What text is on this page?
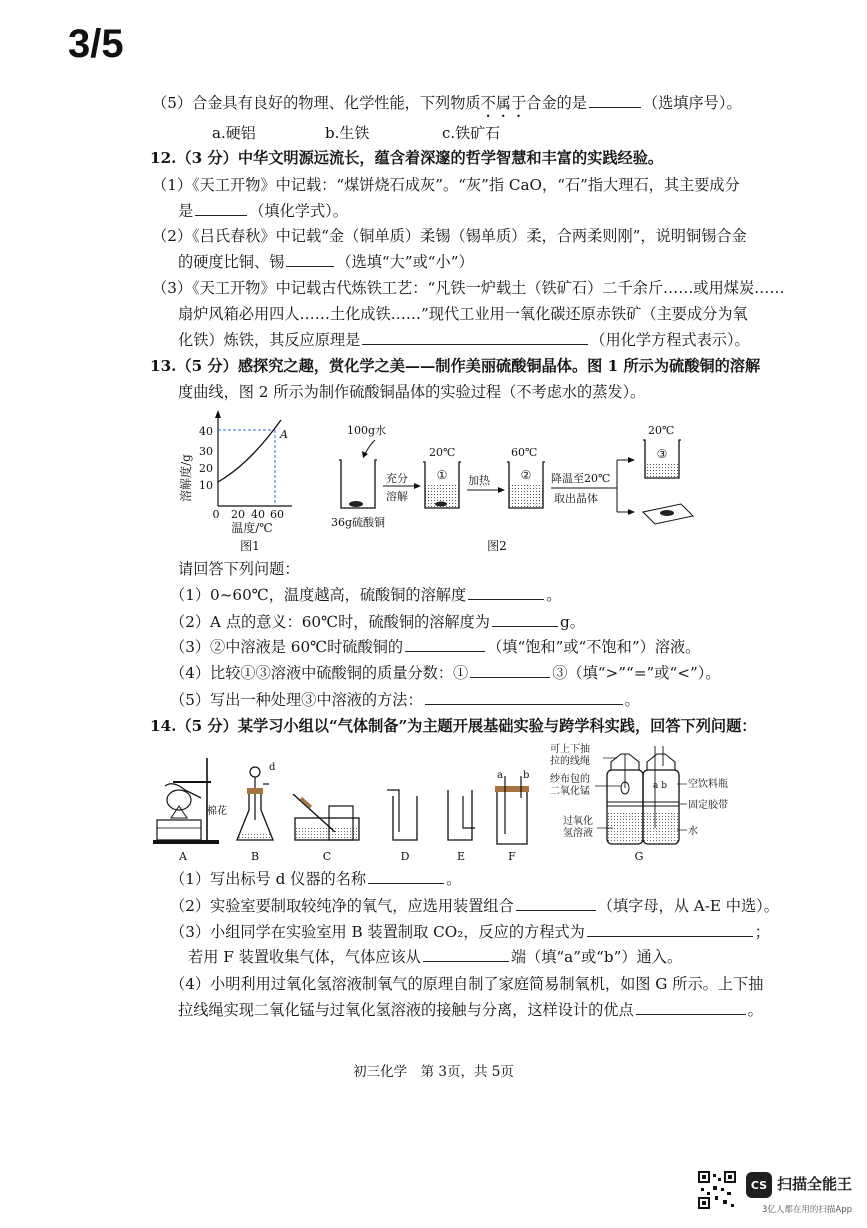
3/5
（5）合金具有良好的物理、化学性能，下列物质不属于合金的是	（选填序号）。
a.硬铝	b.生铁	c.铁矿石
12.（3 分）中华文明源远流长，蕴含着深邃的哲学智慧和丰富的实践经验。
（1）《天工开物》中记载：“煤饼烧石成灰”。“灰”指 CaO，“石”指大理石，其主要成分
是	（填化学式）。
（2）《吕氏春秋》中记载“金（铜单质）柔锡（锡单质）柔，合两柔则刚”，说明铜锡合金
的硬度比铜、锡	（选填“大”或“小”）
（3）《天工开物》中记载古代炼铁工艺：“凡铁一炉载土（铁矿石）二千余斤……或用煤炭……
扇炉风箱必用四人……土化成铁……”现代工业用一氧化碳还原赤铁矿（主要成分为氧
化铁）炼铁，其反应原理是	（用化学方程式表示）。
13.（5 分）感探究之趣，赏化学之美——制作美丽硫酸铜晶体。图 1 所示为硫酸铜的溶解
度曲线，图 2 所示为制作硫酸铜晶体的实验过程（不考虑水的蒸发）。
溶解度/g 10
20
30
40
0 20 40 60
温度/℃
A
图1
100g水
36g硫酸铜
充分
溶解
20℃
① 加热
60℃
② 降温至20℃
取出晶体
20℃
③
图2
请回答下列问题：
（1）0~60℃，温度越高，硫酸铜的溶解度	。
（2）A 点的意义：60℃时，硫酸铜的溶解度为	g。
（3）②中溶液是 60℃时硫酸铜的	（填“饱和”或“不饱和”）溶液。
（4）比较①③溶液中硫酸铜的质量分数：①	③（填“>”“=”或“<”）。
（5）写出一种处理③中溶液的方法：	。
14.（5 分）某学习小组以“气体制备”为主题开展基础实验与跨学科实践，回答下列问题：
棉花
A
d
B	C	D	E
a b
F
可上下抽
拉的线绳
纱布包的
二氧化锰
过氧化
氢溶液
a b 空饮料瓶
固定胶带
水
G
（1）写出标号 d 仪器的名称	。
（2）实验室要制取较纯净的氧气，应选用装置组合	（填字母，从 A-E 中选）。
（3）小组同学在实验室用 B 装置制取 CO₂，反应的方程式为	；
若用 F 装置收集气体，气体应该从	端（填“a”或“b”）通入。
（4）小明利用过氧化氢溶液制氧气的原理自制了家庭简易制氧机，如图 G 所示。上下抽
拉线绳实现二氧化锰与过氧化氢溶液的接触与分离，这样设计的优点	。
初三化学　第 3页，共 5页
CS 扫描全能王
3亿人都在用的扫描App
